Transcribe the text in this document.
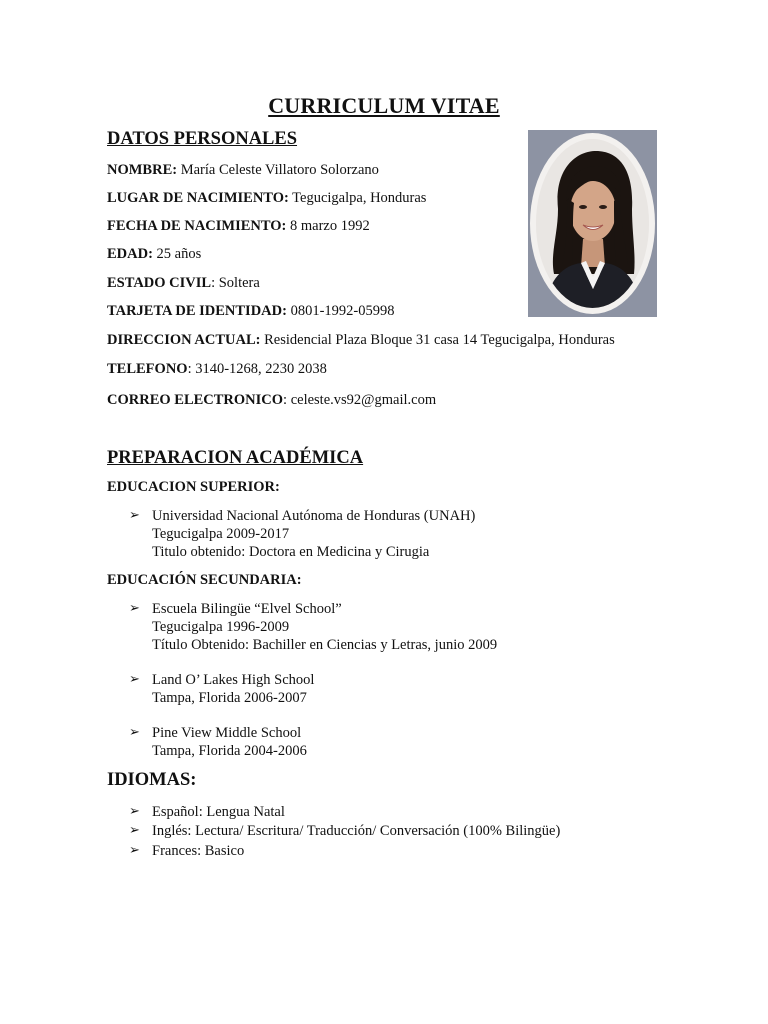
CURRICULUM VITAE
DATOS PERSONALES
NOMBRE: María Celeste Villatoro Solorzano
LUGAR DE NACIMIENTO: Tegucigalpa, Honduras
FECHA DE NACIMIENTO: 8 marzo 1992
EDAD: 25 años
ESTADO CIVIL: Soltera
TARJETA DE IDENTIDAD: 0801-1992-05998
DIRECCION ACTUAL: Residencial Plaza Bloque 31 casa 14 Tegucigalpa, Honduras
TELEFONO: 3140-1268, 2230 2038
CORREO ELECTRONICO: celeste.vs92@gmail.com
PREPARACION ACADÉMICA
EDUCACION SUPERIOR:
➢ Universidad Nacional Autónoma de Honduras (UNAH)
Tegucigalpa 2009-2017
Titulo obtenido: Doctora en Medicina y Cirugia
EDUCACIÓN SECUNDARIA:
➢ Escuela Bilingüe “Elvel School”
Tegucigalpa 1996-2009
Título Obtenido: Bachiller en Ciencias y Letras, junio 2009
➢ Land O’ Lakes High School
Tampa, Florida 2006-2007
➢ Pine View Middle School
Tampa, Florida 2004-2006
IDIOMAS:
➢ Español: Lengua Natal
➢ Inglés: Lectura/ Escritura/ Traducción/ Conversación (100% Bilingüe)
➢ Frances: Basico
